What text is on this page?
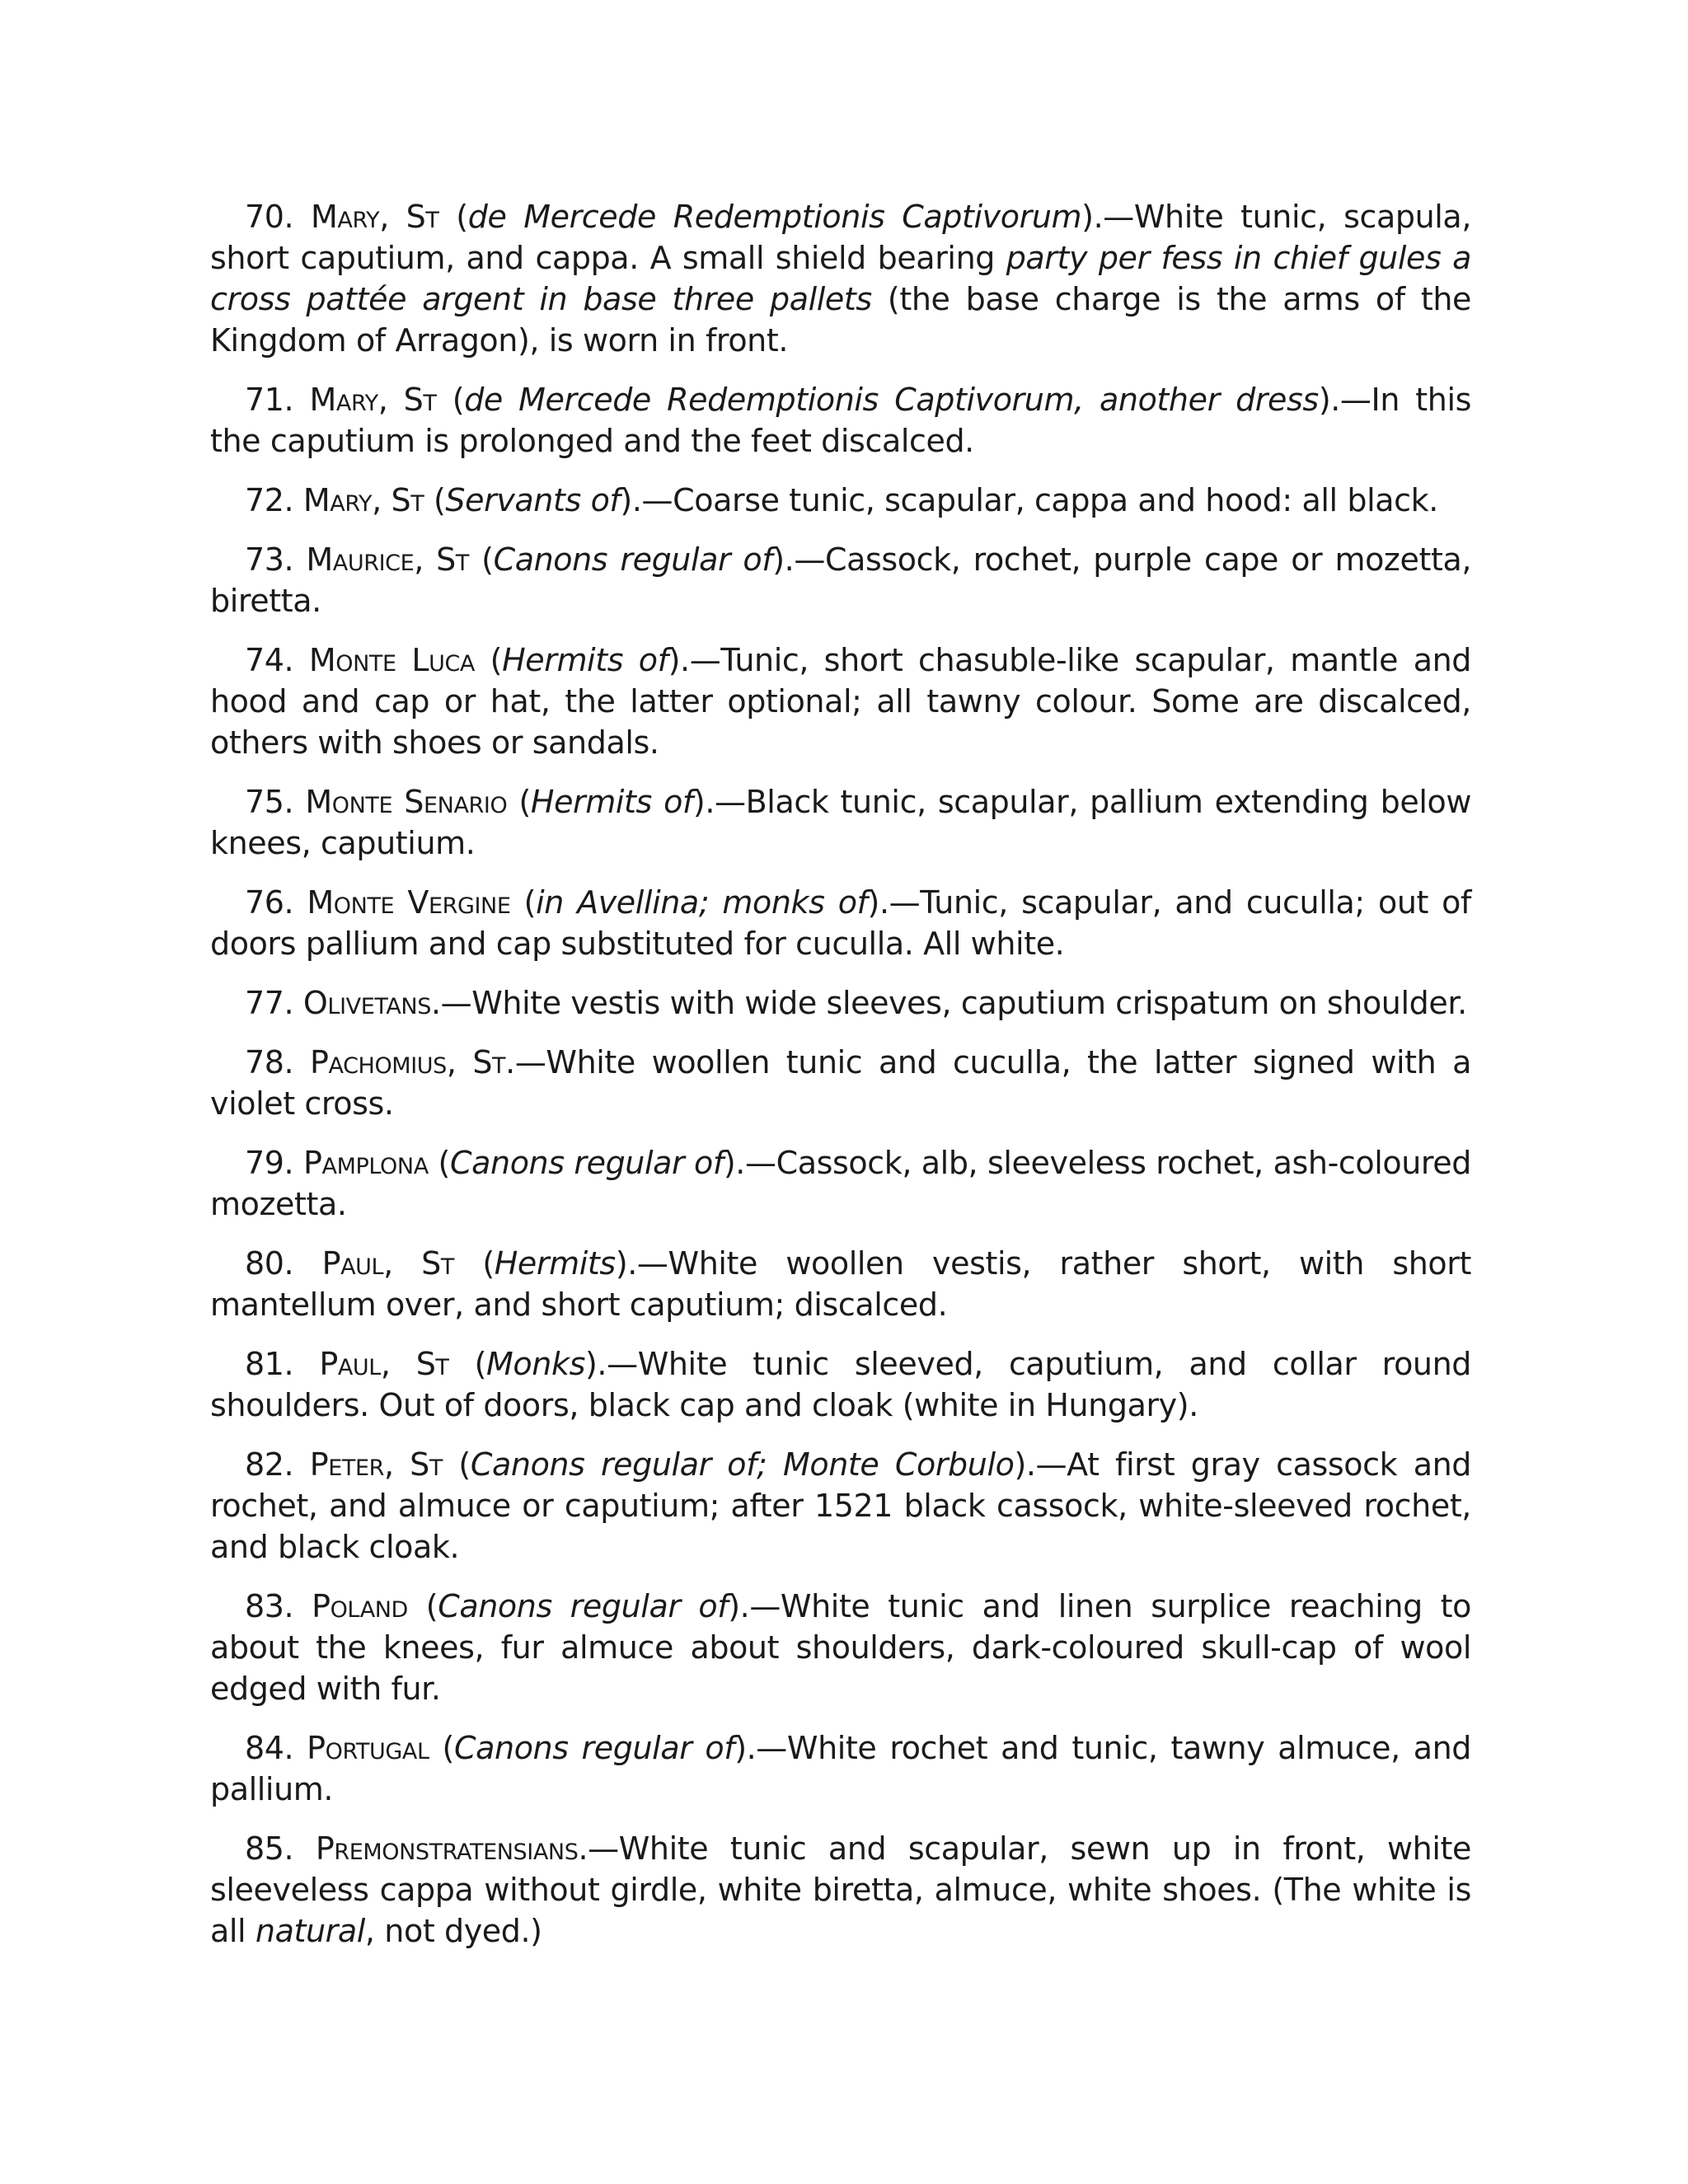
70. Mary, St (de Mercede Redemptionis Captivorum).—White tunic, scapula, short caputium, and cappa. A small shield bearing party per fess in chief gules a cross pattée argent in base three pallets (the base charge is the arms of the Kingdom of Arragon), is worn in front.

71. Mary, St (de Mercede Redemptionis Captivorum, another dress).—In this the caputium is prolonged and the feet discalced.

72. Mary, St (Servants of).—Coarse tunic, scapular, cappa and hood: all black.

73. Maurice, St (Canons regular of).—Cassock, rochet, purple cape or mozetta, biretta.

74. Monte Luca (Hermits of).—Tunic, short chasuble-like scapular, mantle and hood and cap or hat, the latter optional; all tawny colour. Some are discalced, others with shoes or sandals.

75. Monte Senario (Hermits of).—Black tunic, scapular, pallium extending below knees, caputium.

76. Monte Vergine (in Avellina; monks of).—Tunic, scapular, and cuculla; out of doors pallium and cap substituted for cuculla. All white.

77. Olivetans.—White vestis with wide sleeves, caputium crispatum on shoulder.

78. Pachomius, St.—White woollen tunic and cuculla, the latter signed with a violet cross.

79. Pamplona (Canons regular of).—Cassock, alb, sleeveless rochet, ash-coloured mozetta.

80. Paul, St (Hermits).—White woollen vestis, rather short, with short mantellum over, and short caputium; discalced.

81. Paul, St (Monks).—White tunic sleeved, caputium, and collar round shoulders. Out of doors, black cap and cloak (white in Hungary).

82. Peter, St (Canons regular of; Monte Corbulo).—At first gray cassock and rochet, and almuce or caputium; after 1521 black cassock, white-sleeved rochet, and black cloak.

83. Poland (Canons regular of).—White tunic and linen surplice reaching to about the knees, fur almuce about shoulders, dark-coloured skull-cap of wool edged with fur.

84. Portugal (Canons regular of).—White rochet and tunic, tawny almuce, and pallium.

85. Premonstratensians.—White tunic and scapular, sewn up in front, white sleeveless cappa without girdle, white biretta, almuce, white shoes. (The white is all natural, not dyed.)
